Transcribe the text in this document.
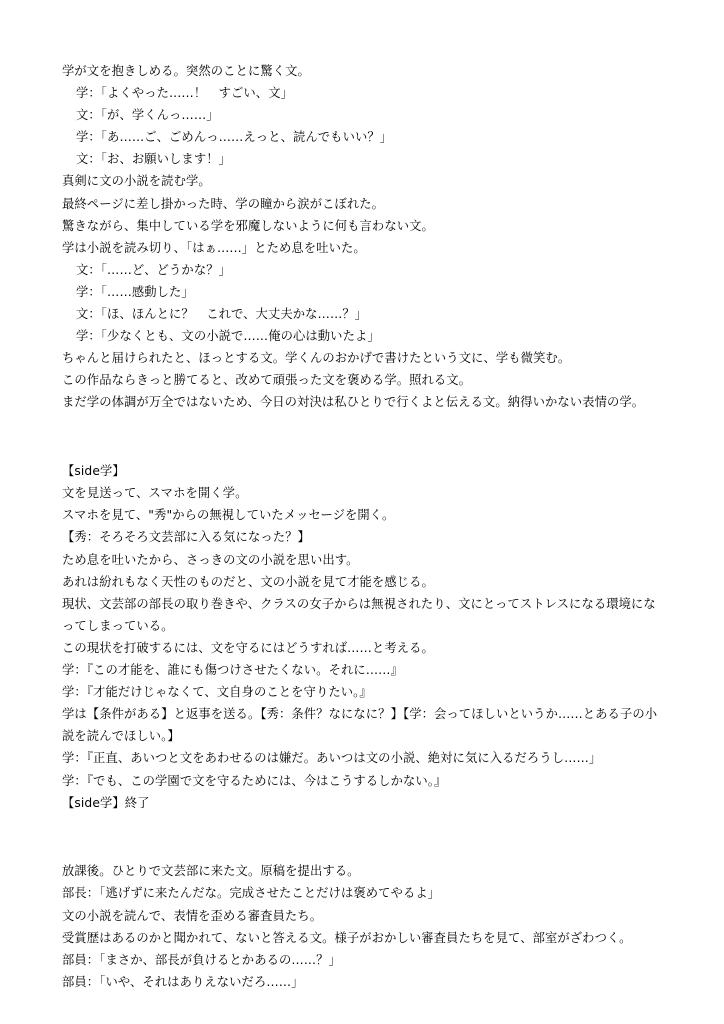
学が文を抱きしめる。突然のことに驚く文。

学：「よくやった……！　すごい、文」

文：「が、学くんっ……」

学：「あ……ご、ごめんっ……えっと、読んでもいい？」

文：「お、お願いします！」

真剣に文の小説を読む学。

最終ページに差し掛かった時、学の瞳から涙がこぼれた。

驚きながら、集中している学を邪魔しないように何も言わない文。

学は小説を読み切り、「はぁ……」とため息を吐いた。

文：「……ど、どうかな？」

学：「……感動した」

文：「ほ、ほんとに？　これで、大丈夫かな……？」

学：「少なくとも、文の小説で……俺の心は動いたよ」

ちゃんと届けられたと、ほっとする文。学くんのおかげで書けたという文に、学も微笑む。

この作品ならきっと勝てると、改めて頑張った文を褒める学。照れる文。

まだ学の体調が万全ではないため、今日の対決は私ひとりで行くよと伝える文。納得いかない表情の学。

【side学】

文を見送って、スマホを開く学。

スマホを見て、"秀"からの無視していたメッセージを開く。

【秀：そろそろ文芸部に入る気になった？】

ため息を吐いたから、さっきの文の小説を思い出す。

あれは紛れもなく天性のものだと、文の小説を見て才能を感じる。

現状、文芸部の部長の取り巻きや、クラスの女子からは無視されたり、文にとってストレスになる環境になってしまっている。

この現状を打破するには、文を守るにはどうすれば……と考える。

学：『この才能を、誰にも傷つけさせたくない。それに……』

学：『才能だけじゃなくて、文自身のことを守りたい。』

学は【条件がある】と返事を送る。【秀：条件？なになに？】【学：会ってほしいというか……とある子の小説を読んでほしい。】

学：『正直、あいつと文をあわせるのは嫌だ。あいつは文の小説、絶対に気に入るだろうし……」

学：『でも、この学園で文を守るためには、今はこうするしかない。』

【side学】終了

放課後。ひとりで文芸部に来た文。原稿を提出する。

部長：「逃げずに来たんだな。完成させたことだけは褒めてやるよ」

文の小説を読んで、表情を歪める審査員たち。

受賞歴はあるのかと聞かれて、ないと答える文。様子がおかしい審査員たちを見て、部室がざわつく。

部員：「まさか、部長が負けるとかあるの……？」

部員：「いや、それはありえないだろ……」
